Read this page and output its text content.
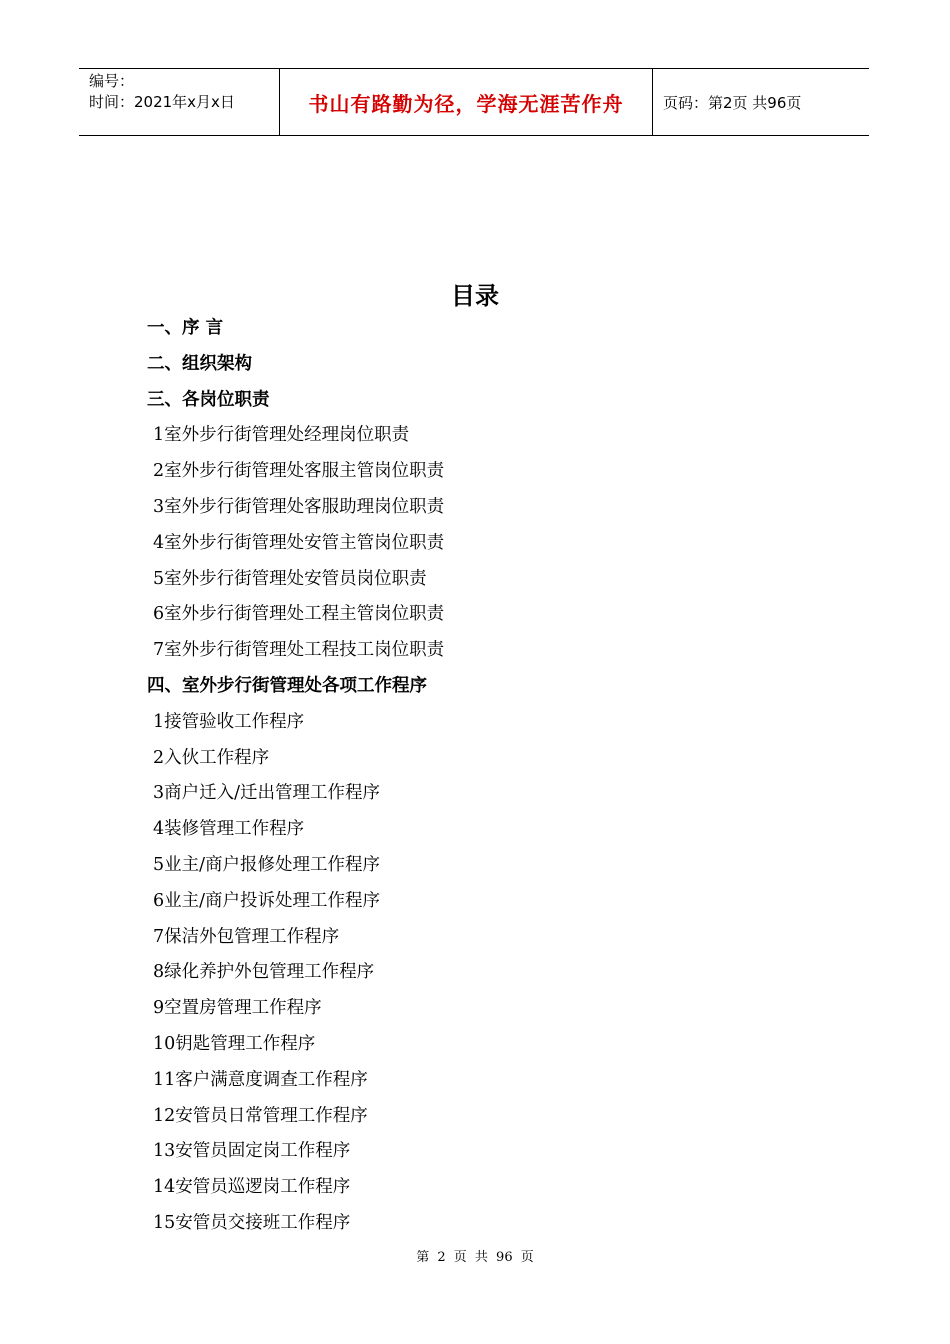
编号：
时间：2021年x月x日	书山有路勤为径，学海无涯苦作舟	页码：第2页 共96页
目录
一、序 言
二、组织架构
三、各岗位职责
1室外步行街管理处经理岗位职责
2室外步行街管理处客服主管岗位职责
3室外步行街管理处客服助理岗位职责
4室外步行街管理处安管主管岗位职责
5室外步行街管理处安管员岗位职责
6室外步行街管理处工程主管岗位职责
7室外步行街管理处工程技工岗位职责
四、室外步行街管理处各项工作程序
1接管验收工作程序
2入伙工作程序
3商户迁入/迁出管理工作程序
4装修管理工作程序
5业主/商户报修处理工作程序
6业主/商户投诉处理工作程序
7保洁外包管理工作程序
8绿化养护外包管理工作程序
9空置房管理工作程序
10钥匙管理工作程序
11客户满意度调查工作程序
12安管员日常管理工作程序
13安管员固定岗工作程序
14安管员巡逻岗工作程序
15安管员交接班工作程序
第 2 页 共 96 页
